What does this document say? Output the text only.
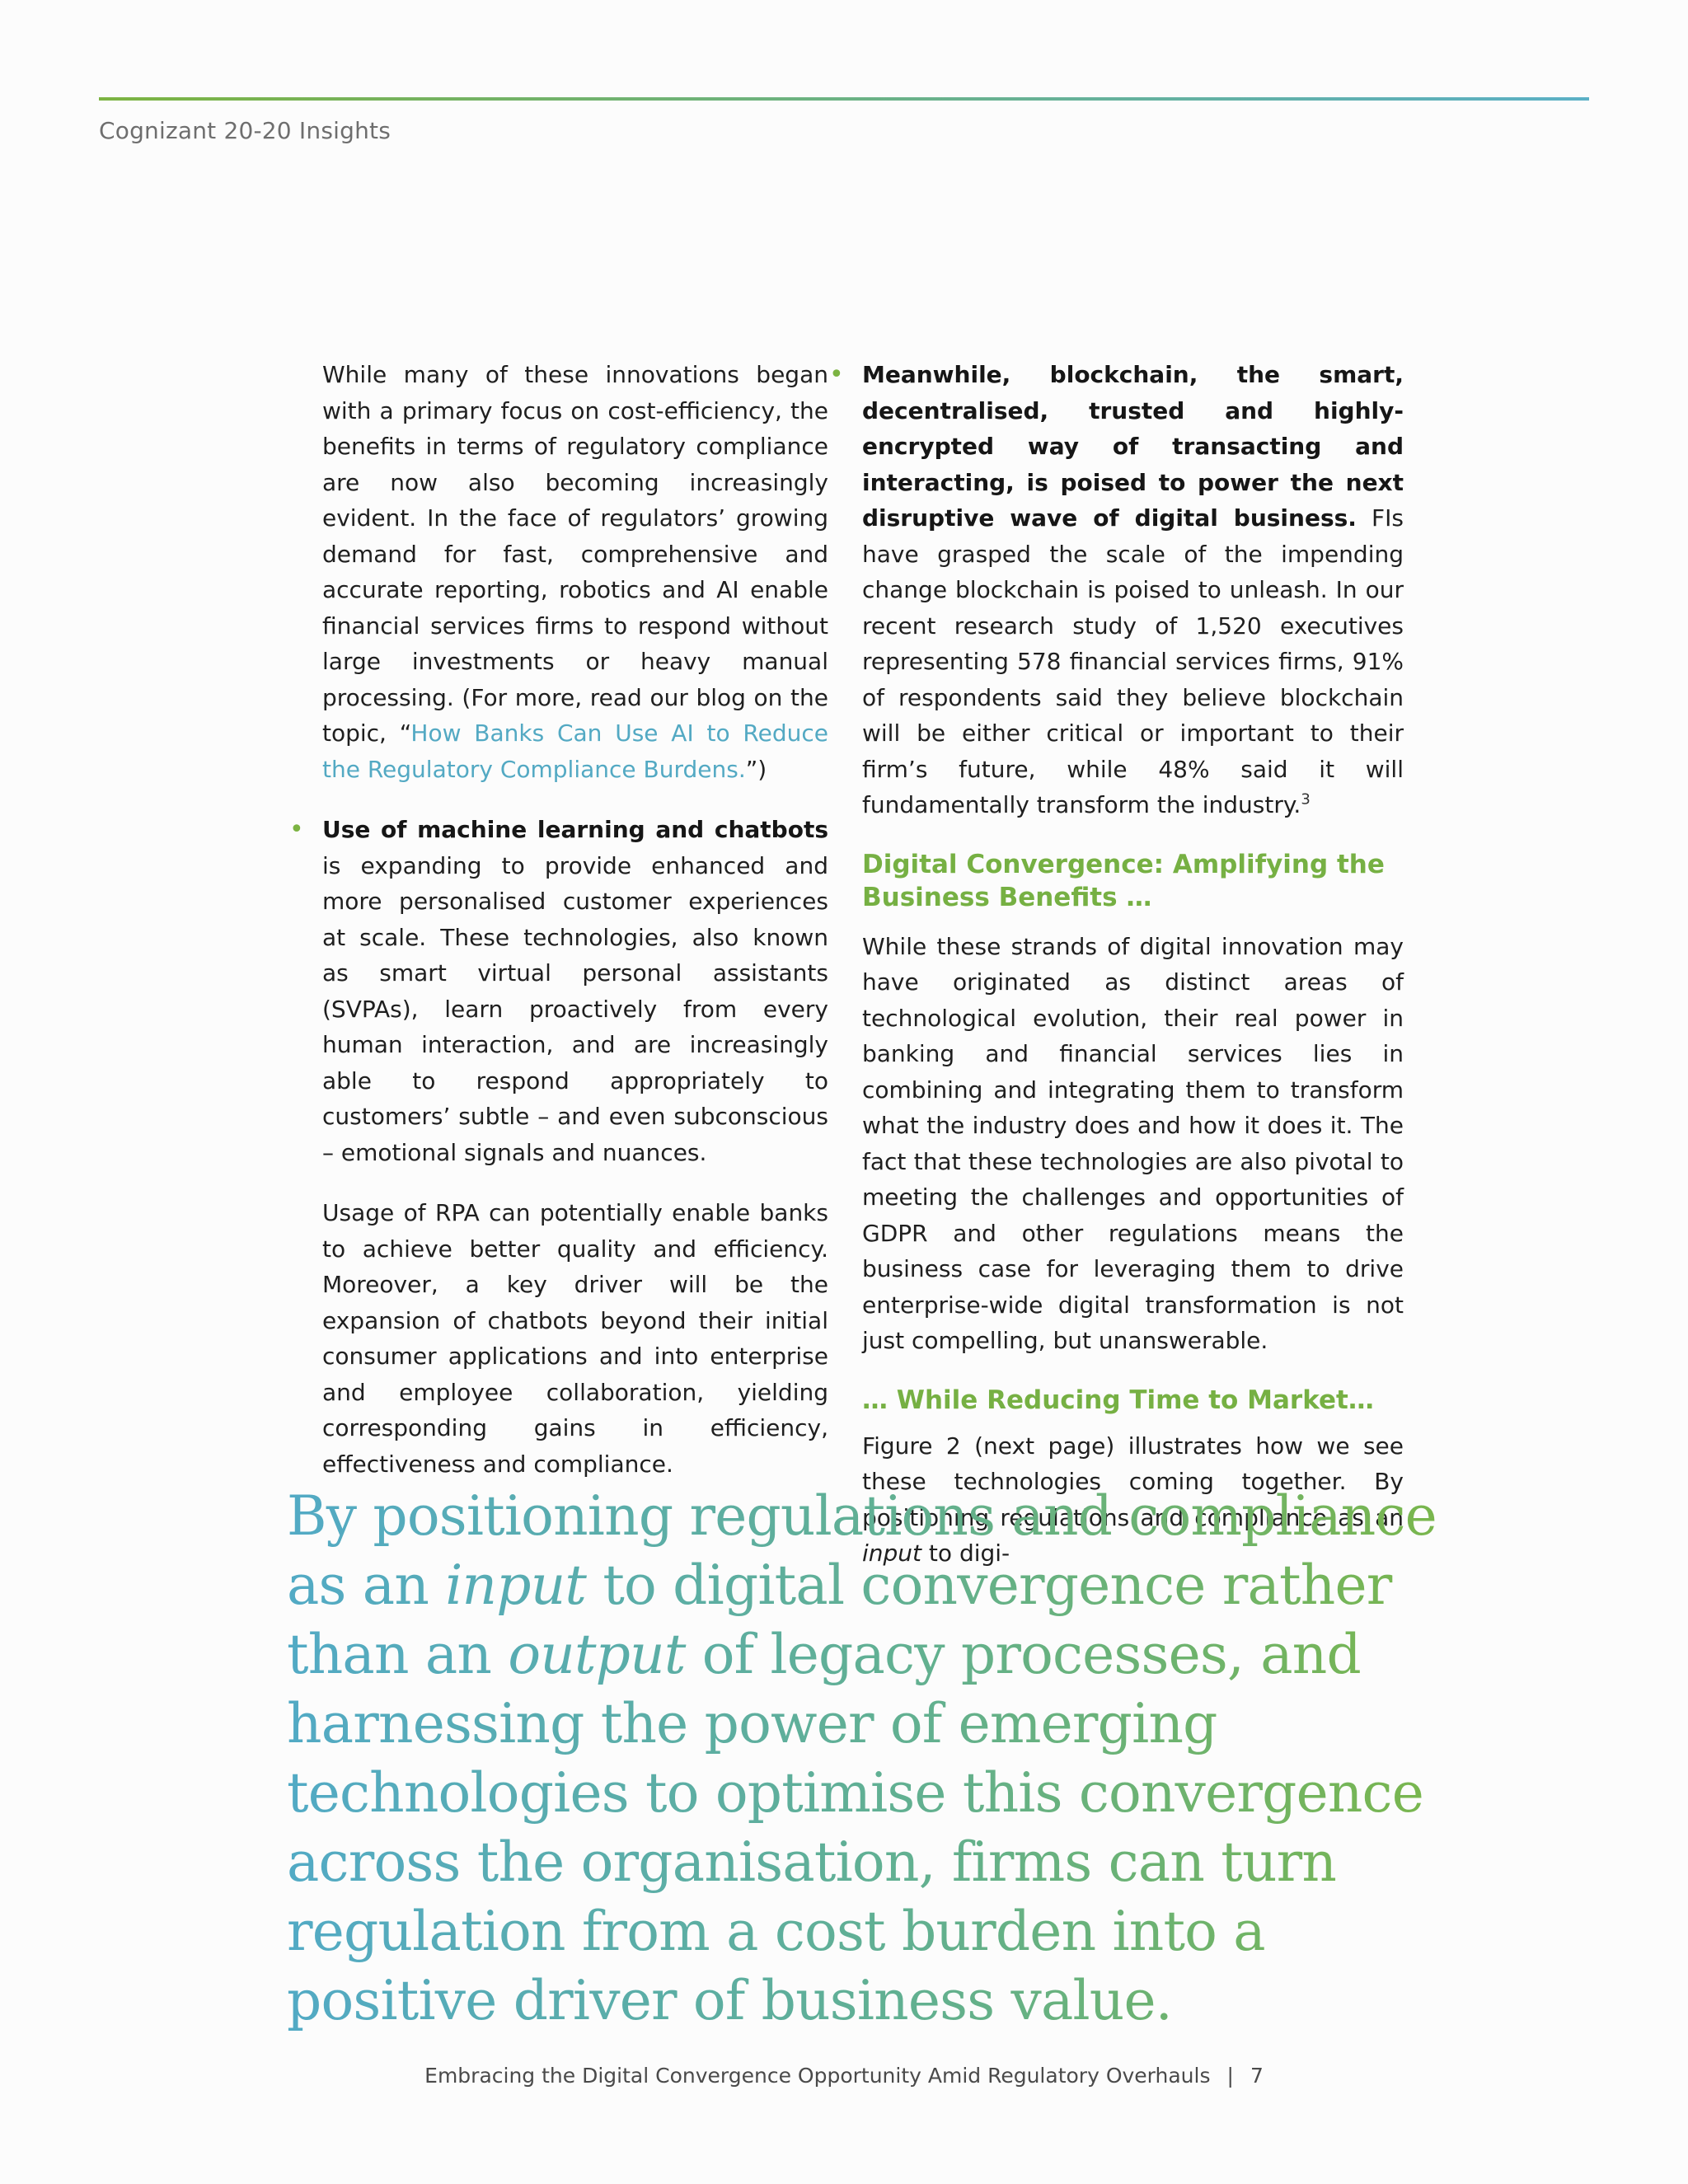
Cognizant 20-20 Insights

While many of these innovations began with a primary focus on cost-efficiency, the benefits in terms of regulatory compliance are now also becoming increasingly evident. In the face of regulators’ growing demand for fast, comprehensive and accurate reporting, robotics and AI enable financial services firms to respond without large investments or heavy manual processing. (For more, read our blog on the topic, “How Banks Can Use AI to Reduce the Regulatory Compliance Burdens.”)

• Use of machine learning and chatbots is expanding to provide enhanced and more personalised customer experiences at scale. These technologies, also known as smart virtual personal assistants (SVPAs), learn proactively from every human interaction, and are increasingly able to respond appropriately to customers’ subtle – and even subconscious – emotional signals and nuances.

Usage of RPA can potentially enable banks to achieve better quality and efficiency. Moreover, a key driver will be the expansion of chatbots beyond their initial consumer applications and into enterprise and employee collaboration, yielding corresponding gains in efficiency, effectiveness and compliance.

• Meanwhile, blockchain, the smart, decentralised, trusted and highly-encrypted way of transacting and interacting, is poised to power the next disruptive wave of digital business. FIs have grasped the scale of the impending change blockchain is poised to unleash. In our recent research study of 1,520 executives representing 578 financial services firms, 91% of respondents said they believe blockchain will be either critical or important to their firm’s future, while 48% said it will fundamentally transform the industry.$^3$

Digital Convergence: Amplifying the Business Benefits …

While these strands of digital innovation may have originated as distinct areas of technological evolution, their real power in banking and financial services lies in combining and integrating them to transform what the industry does and how it does it. The fact that these technologies are also pivotal to meeting the challenges and opportunities of GDPR and other regulations means the business case for leveraging them to drive enterprise-wide digital transformation is not just compelling, but unanswerable.

… While Reducing Time to Market…

Figure 2 (next page) illustrates how we see

By positioning regulations and compliance as an input to digital convergence rather than an output of legacy processes, and harnessing the power of emerging technologies to optimise this convergence across the organisation, firms can turn regulation from a cost burden into a positive driver of business value.
Embracing the Digital Convergence Opportunity Amid Regulatory Overhauls | 7
